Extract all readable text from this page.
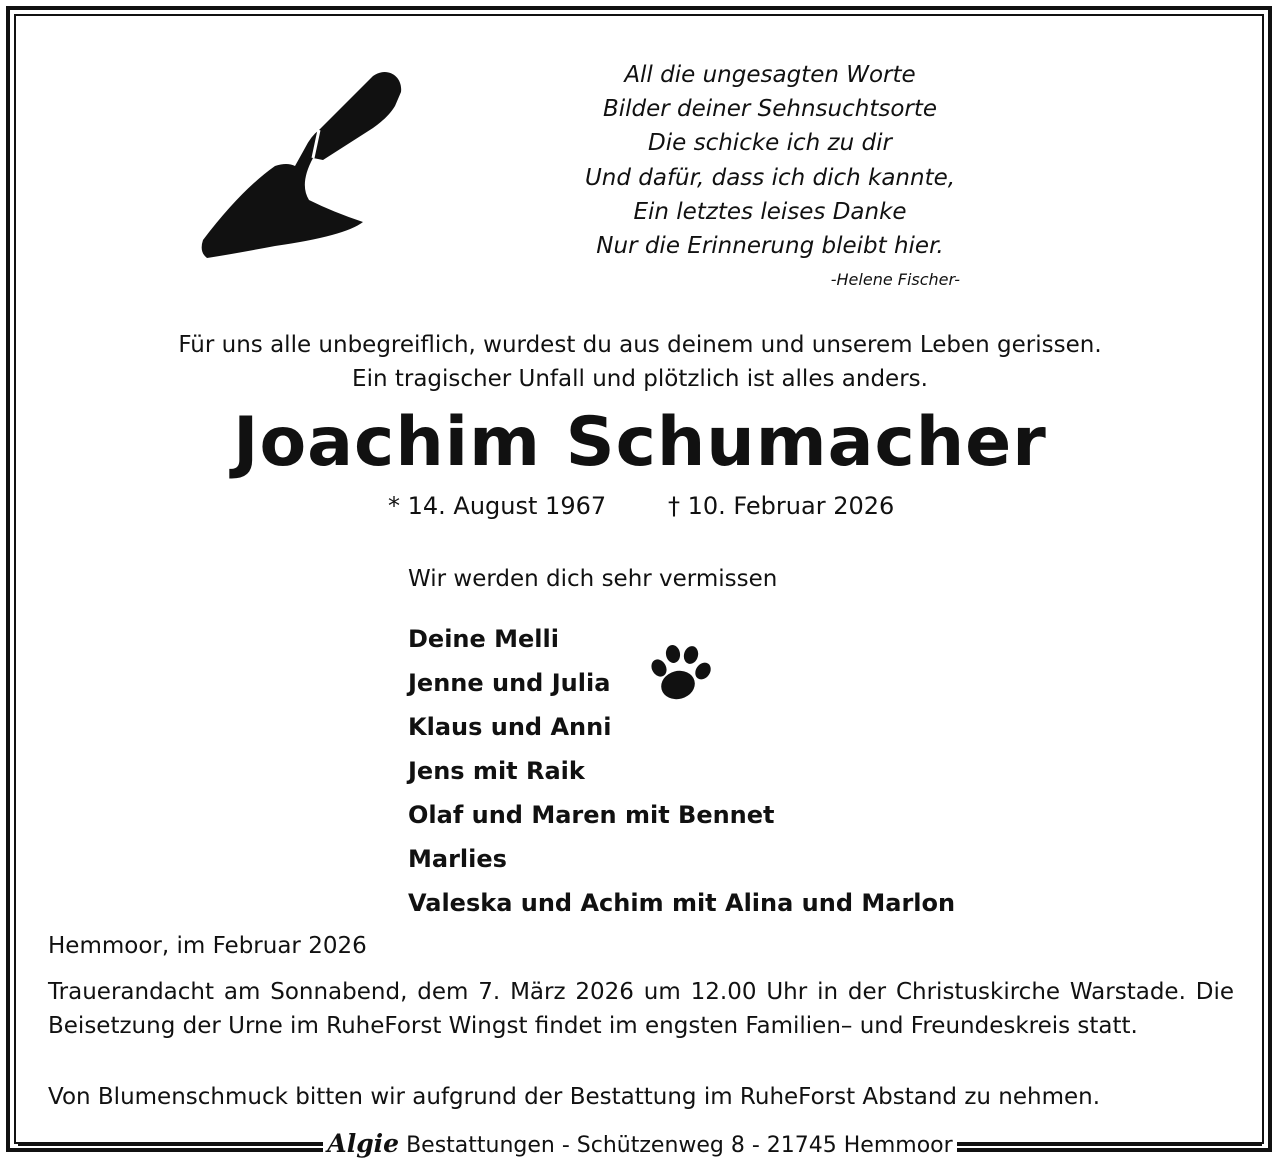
All die ungesagten Worte
Bilder deiner Sehnsuchtsorte
Die schicke ich zu dir
Und dafür, dass ich dich kannte,
Ein letztes leises Danke
Nur die Erinnerung bleibt hier.
-Helene Fischer-
Für uns alle unbegreiflich, wurdest du aus deinem und unserem Leben gerissen.
Ein tragischer Unfall und plötzlich ist alles anders.
Joachim Schumacher
* 14. August 1967	† 10. Februar 2026
Wir werden dich sehr vermissen
Deine Melli
Jenne und Julia
Klaus und Anni
Jens mit Raik
Olaf und Maren mit Bennet
Marlies
Valeska und Achim mit Alina und Marlon
Hemmoor, im Februar 2026
Trauerandacht am Sonnabend, dem 7. März 2026 um 12.00 Uhr in der Christuskirche Warstade. Die Beisetzung der Urne im RuheForst Wingst findet im engsten Familien– und Freundeskreis statt.
Von Blumenschmuck bitten wir aufgrund der Bestattung im RuheForst Abstand zu nehmen.
Algie Bestattungen - Schützenweg 8 - 21745 Hemmoor
